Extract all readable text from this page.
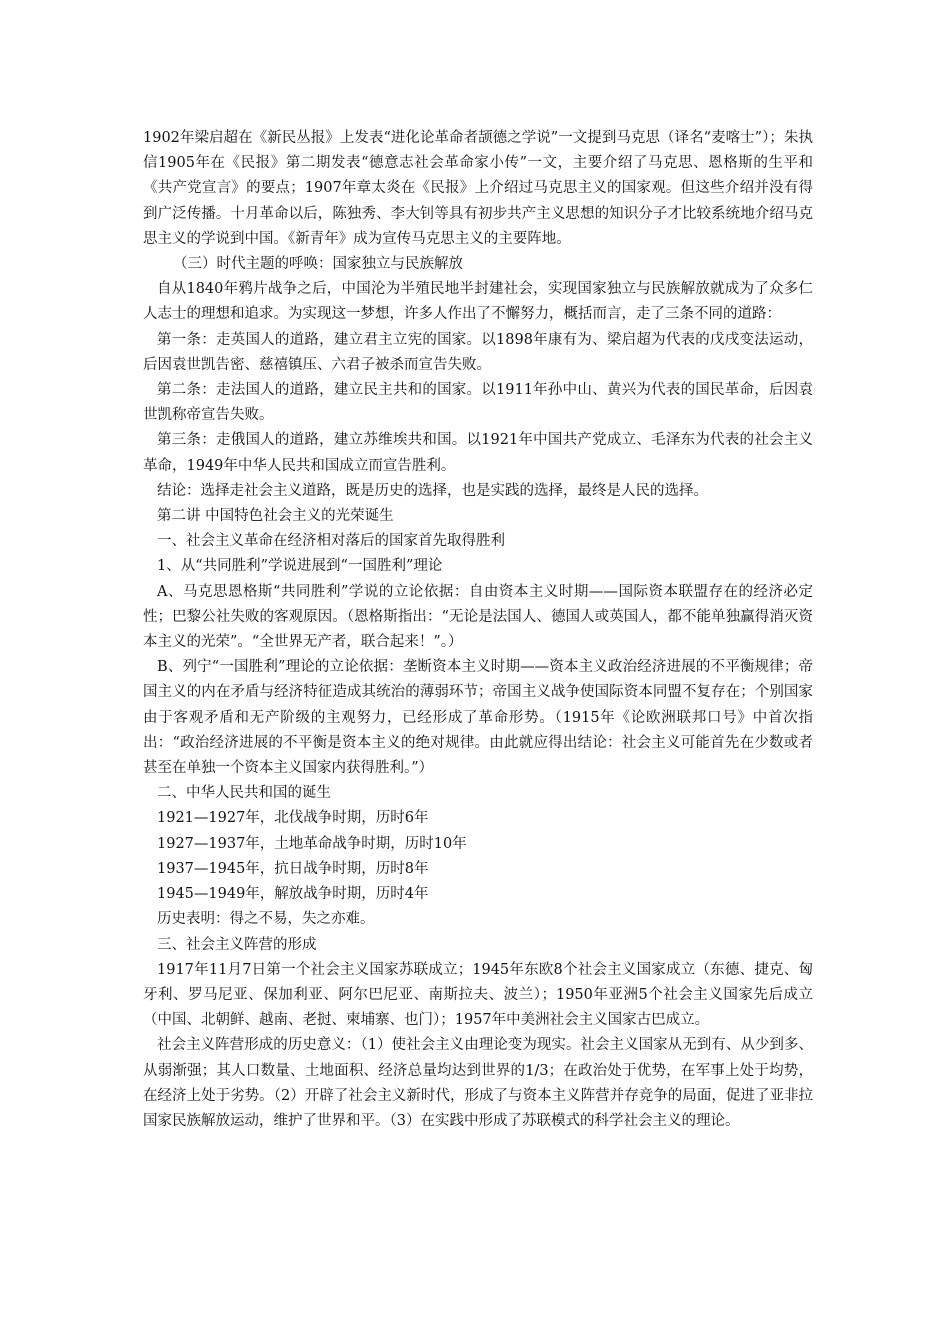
1902年梁启超在《新民丛报》上发表“进化论革命者颉德之学说”一文提到马克思（译名“麦喀士”）；朱执信1905年在《民报》第二期发表“德意志社会革命家小传”一文，主要介绍了马克思、恩格斯的生平和《共产党宣言》的要点；1907年章太炎在《民报》上介绍过马克思主义的国家观。但这些介绍并没有得到广泛传播。十月革命以后，陈独秀、李大钊等具有初步共产主义思想的知识分子才比较系统地介绍马克思主义的学说到中国。《新青年》成为宣传马克思主义的主要阵地。

（三）时代主题的呼唤：国家独立与民族解放

自从1840年鸦片战争之后，中国沦为半殖民地半封建社会，实现国家独立与民族解放就成为了众多仁人志士的理想和追求。为实现这一梦想，许多人作出了不懈努力，概括而言，走了三条不同的道路：

第一条：走英国人的道路，建立君主立宪的国家。以1898年康有为、梁启超为代表的戊戌变法运动，后因袁世凯告密、慈禧镇压、六君子被杀而宣告失败。

第二条：走法国人的道路，建立民主共和的国家。以1911年孙中山、黄兴为代表的国民革命，后因袁世凯称帝宣告失败。

第三条：走俄国人的道路，建立苏维埃共和国。以1921年中国共产党成立、毛泽东为代表的社会主义革命，1949年中华人民共和国成立而宣告胜利。

结论：选择走社会主义道路，既是历史的选择，也是实践的选择，最终是人民的选择。

第二讲 中国特色社会主义的光荣诞生

一、社会主义革命在经济相对落后的国家首先取得胜利

1、从“共同胜利”学说进展到“一国胜利”理论

A、马克思恩格斯“共同胜利”学说的立论依据：自由资本主义时期——国际资本联盟存在的经济必定性；巴黎公社失败的客观原因。（恩格斯指出：“无论是法国人、德国人或英国人，都不能单独赢得消灭资本主义的光荣”。“全世界无产者，联合起来！”。）

B、列宁“一国胜利”理论的立论依据：垄断资本主义时期——资本主义政治经济进展的不平衡规律；帝国主义的内在矛盾与经济特征造成其统治的薄弱环节；帝国主义战争使国际资本同盟不复存在；个别国家由于客观矛盾和无产阶级的主观努力，已经形成了革命形势。（1915年《论欧洲联邦口号》中首次指出：“政治经济进展的不平衡是资本主义的绝对规律。由此就应得出结论：社会主义可能首先在少数或者甚至在单独一个资本主义国家内获得胜利。”）

二、中华人民共和国的诞生

1921—1927年，北伐战争时期，历时6年

1927—1937年，土地革命战争时期，历时10年

1937—1945年，抗日战争时期，历时8年

1945—1949年，解放战争时期，历时4年

历史表明：得之不易，失之亦难。

三、社会主义阵营的形成

1917年11月7日第一个社会主义国家苏联成立；1945年东欧8个社会主义国家成立（东德、捷克、匈牙利、罗马尼亚、保加利亚、阿尔巴尼亚、南斯拉夫、波兰）；1950年亚洲5个社会主义国家先后成立（中国、北朝鲜、越南、老挝、柬埔寨、也门）；1957年中美洲社会主义国家古巴成立。

社会主义阵营形成的历史意义：（1）使社会主义由理论变为现实。社会主义国家从无到有、从少到多、从弱渐强；其人口数量、土地面积、经济总量均达到世界的1/3；在政治处于优势，在军事上处于均势，在经济上处于劣势。（2）开辟了社会主义新时代，形成了与资本主义阵营并存竞争的局面，促进了亚非拉国家民族解放运动，维护了世界和平。（3）在实践中形成了苏联模式的科学社会主义的理论。
